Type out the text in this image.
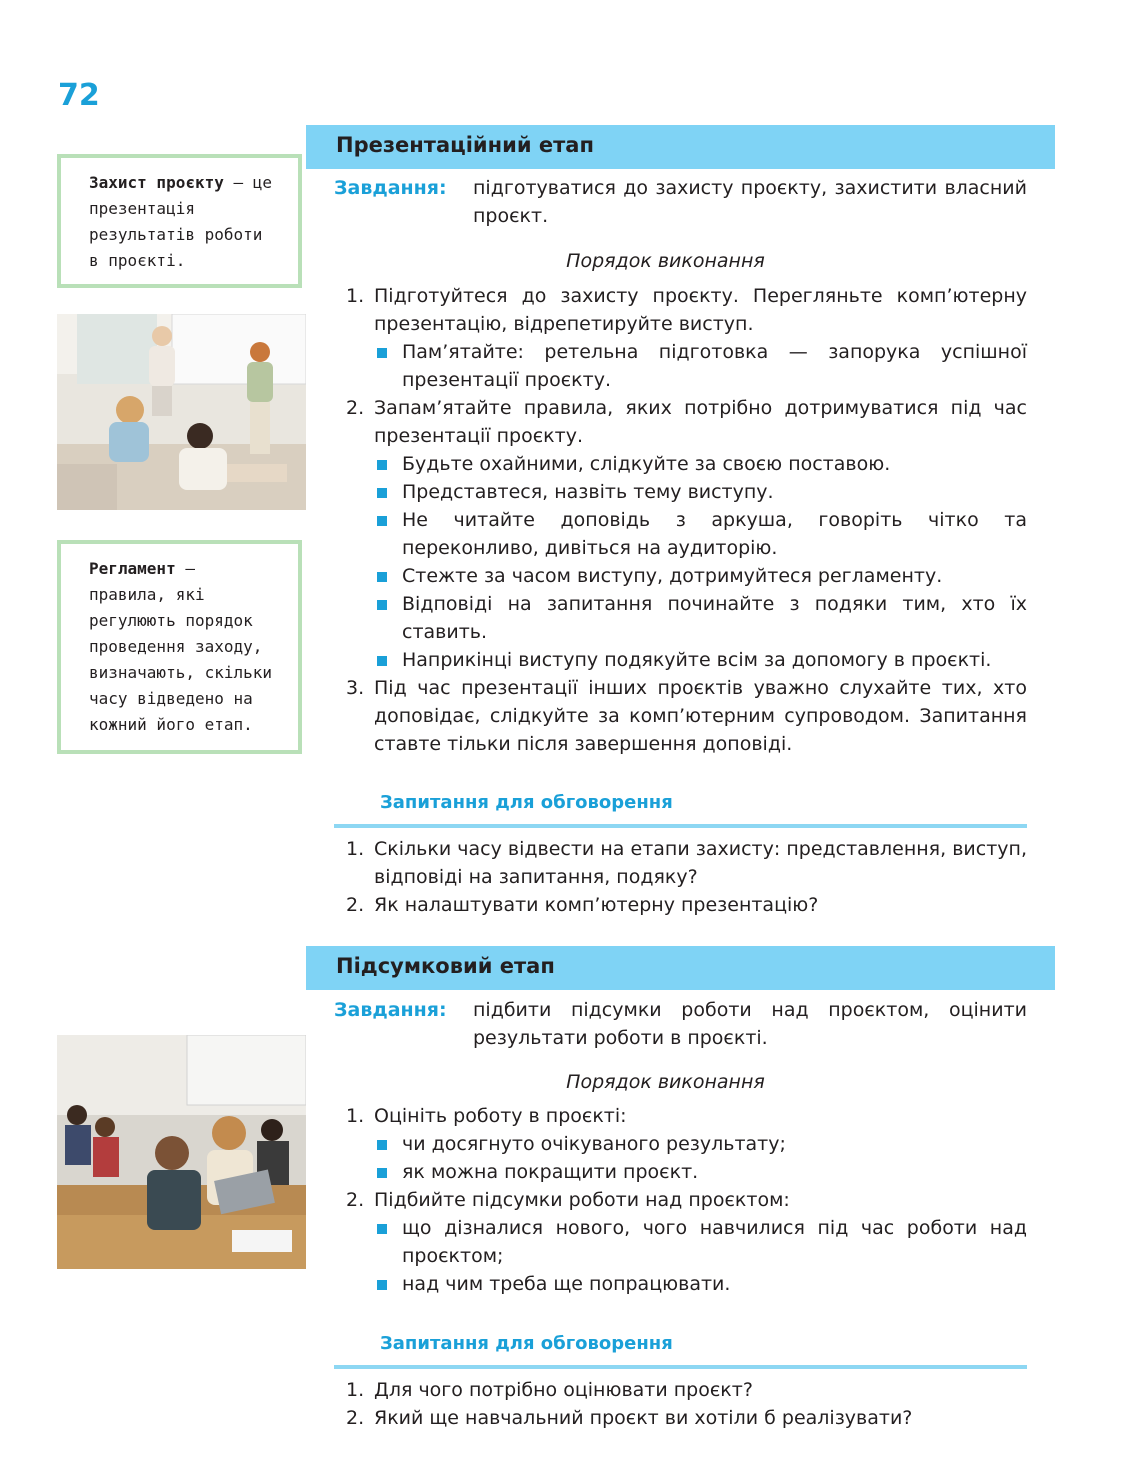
72
Захист проєкту — це презентація результатів роботи в проєкті.
Регламент — правила, які регулюють порядок проведення заходу, визначають, скільки часу відведено на кожний його етап.
Презентаційний етап
Завдання: підготуватися до захисту проєкту, захистити власний проєкт.
Порядок виконання
1. Підготуйтеся до захисту проєкту. Перегляньте комп’ютерну презентацію, відрепетируйте виступ.
Пам’ятайте: ретельна підготовка — запорука успішної презентації проєкту.
2. Запам’ятайте правила, яких потрібно дотримуватися під час презентації проєкту.
Будьте охайними, слідкуйте за своєю поставою.
Представтеся, назвіть тему виступу.
Не читайте доповідь з аркуша, говоріть чітко та переконливо, дивіться на аудиторію.
Стежте за часом виступу, дотримуйтеся регламенту.
Відповіді на запитання починайте з подяки тим, хто їх ставить.
Наприкінці виступу подякуйте всім за допомогу в проєкті.
3. Під час презентації інших проєктів уважно слухайте тих, хто доповідає, слідкуйте за комп’ютерним супроводом. Запитання ставте тільки після завершення доповіді.
Запитання для обговорення
1. Скільки часу відвести на етапи захисту: представлення, виступ, відповіді на запитання, подяку?
2. Як налаштувати комп’ютерну презентацію?
Підсумковий етап
Завдання: підбити підсумки роботи над проєктом, оцінити результати роботи в проєкті.
Порядок виконання
1. Оцініть роботу в проєкті:
чи досягнуто очікуваного результату;
як можна покращити проєкт.
2. Підбийте підсумки роботи над проєктом:
що дізналися нового, чого навчилися під час роботи над проєктом;
над чим треба ще попрацювати.
Запитання для обговорення
1. Для чого потрібно оцінювати проєкт?
2. Який ще навчальний проєкт ви хотіли б реалізувати?
